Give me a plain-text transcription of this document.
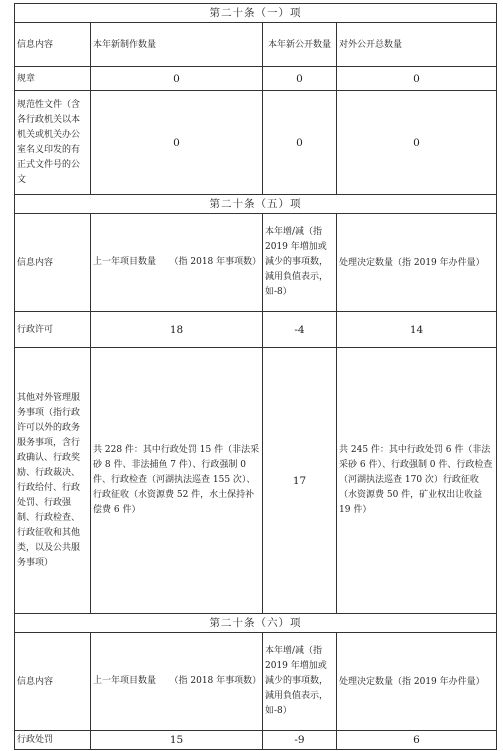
第二十条（一）项			
信息内容	本年新制作数量	本年新公开数量	对外公开总数量
规章	0	0	0
规范性文件（含各行政机关以本机关或机关办公室名义印发的有正式文件号的公文	0	0	0
第二十条（五）项			
信息内容	上一年项目数量　　（指 2018 年事项数）	本年增/减（指 2019 年増加或減少的事項数，減用負值表示，如-8）	处理决定数量（指 2019 年办件量）
行政许可	18	-4	14
其他对外管理服务事项（指行政许可以外的政务服务事项，含行政确认、行政奖励、行政裁决、行政给付、行政处罚、行政强制、行政检查、行政征收和其他类，以及公共服务事项）	共 228 件：其中行政处罚 15 件（非法采砂 8 件、非法捕鱼 7 件）、行政强制 0 件、行政检查（河湖执法巡查 155 次）、行政征收（水资源费 52 件，水土保持补偿费 6 件）	17	共 245 件：其中行政处罚 6 件（非法采砂 6 件）、行政强制 0 件、行政检查（河湖执法巡查 170 次）行政征收（水资源费 50 件，矿业权出让收益 19 件）
第二十条（六）项			
信息内容	上一年项目数量　　（指 2018 年事项数）	本年增/减（指 2019 年増加或減少的事項数，減用負值表示，如-8）	处理决定数量（指 2019 年办件量）
行政处罚	15	-9	6
